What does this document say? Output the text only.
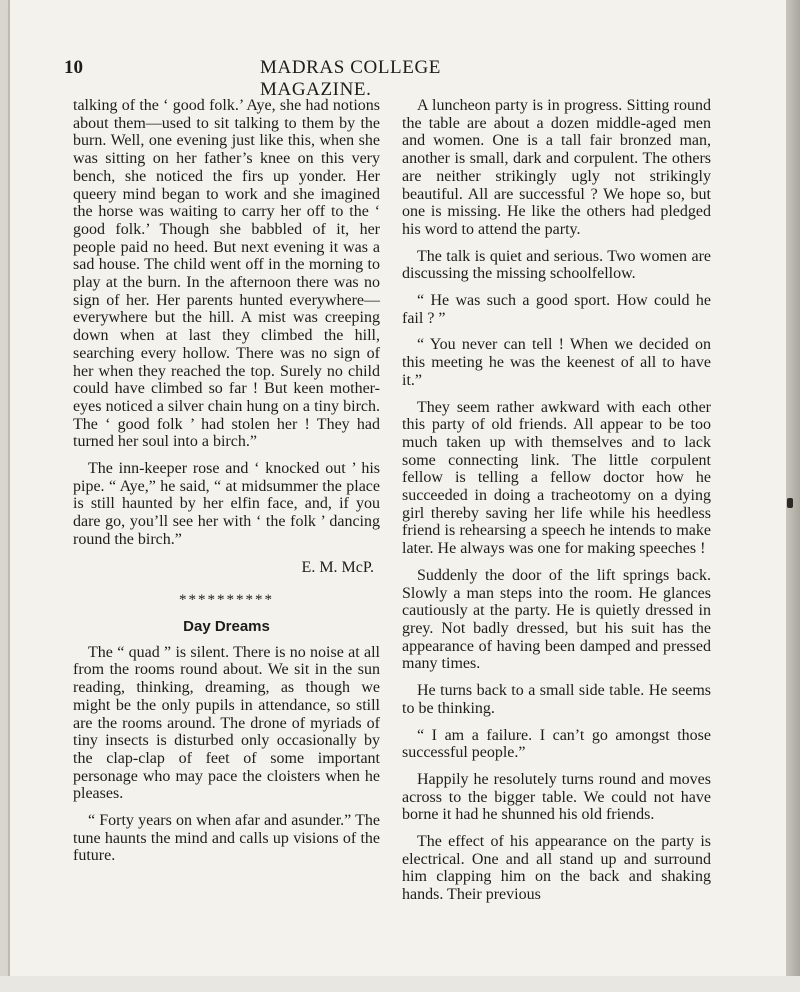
10	MADRAS COLLEGE MAGAZINE.

talking of the ‘ good folk.’ Aye, she had notions about them—used to sit talking to them by the burn. Well, one evening just like this, when she was sitting on her father’s knee on this very bench, she noticed the firs up yonder. Her queery mind began to work and she imagined the horse was waiting to carry her off to the ‘ good folk.’ Though she babbled of it, her people paid no heed. But next evening it was a sad house. The child went off in the morning to play at the burn. In the afternoon there was no sign of her. Her parents hunted everywhere—everywhere but the hill. A mist was creeping down when at last they climbed the hill, searching every hollow. There was no sign of her when they reached the top. Surely no child could have climbed so far ! But keen mother-eyes noticed a silver chain hung on a tiny birch. The ‘ good folk ’ had stolen her ! They had turned her soul into a birch.”

The inn-keeper rose and ‘ knocked out ’ his pipe. “ Aye,” he said, “ at midsummer the place is still haunted by her elfin face, and, if you dare go, you’ll see her with ‘ the folk ’ dancing round the birch.”

E. M. McP.
**********
Day Dreams

The “ quad ” is silent. There is no noise at all from the rooms round about. We sit in the sun reading, thinking, dreaming, as though we might be the only pupils in attendance, so still are the rooms around. The drone of myriads of tiny insects is disturbed only occasionally by the clap-clap of feet of some important personage who may pace the cloisters when he pleases.

“ Forty years on when afar and asunder.” The tune haunts the mind and calls up visions of the future.

A luncheon party is in progress. Sitting round the table are about a dozen middle-aged men and women. One is a tall fair bronzed man, another is small, dark and corpulent. The others are neither strikingly ugly not strikingly beautiful. All are successful ? We hope so, but one is missing. He like the others had pledged his word to attend the party.

The talk is quiet and serious. Two women are discussing the missing schoolfellow.

“ He was such a good sport. How could he fail ? ”

“ You never can tell ! When we decided on this meeting he was the keenest of all to have it.”

They seem rather awkward with each other this party of old friends. All appear to be too much taken up with themselves and to lack some connecting link. The little corpulent fellow is telling a fellow doctor how he succeeded in doing a tracheotomy on a dying girl thereby saving her life while his heedless friend is rehearsing a speech he intends to make later. He always was one for making speeches !

Suddenly the door of the lift springs back. Slowly a man steps into the room. He glances cautiously at the party. He is quietly dressed in grey. Not badly dressed, but his suit has the appearance of having been damped and pressed many times.

He turns back to a small side table. He seems to be thinking.

“ I am a failure. I can’t go amongst those successful people.”

Happily he resolutely turns round and moves across to the bigger table. We could not have borne it had he shunned his old friends.

The effect of his appearance on the party is electrical. One and all stand up and surround him clapping him on the back and shaking hands. Their previous
